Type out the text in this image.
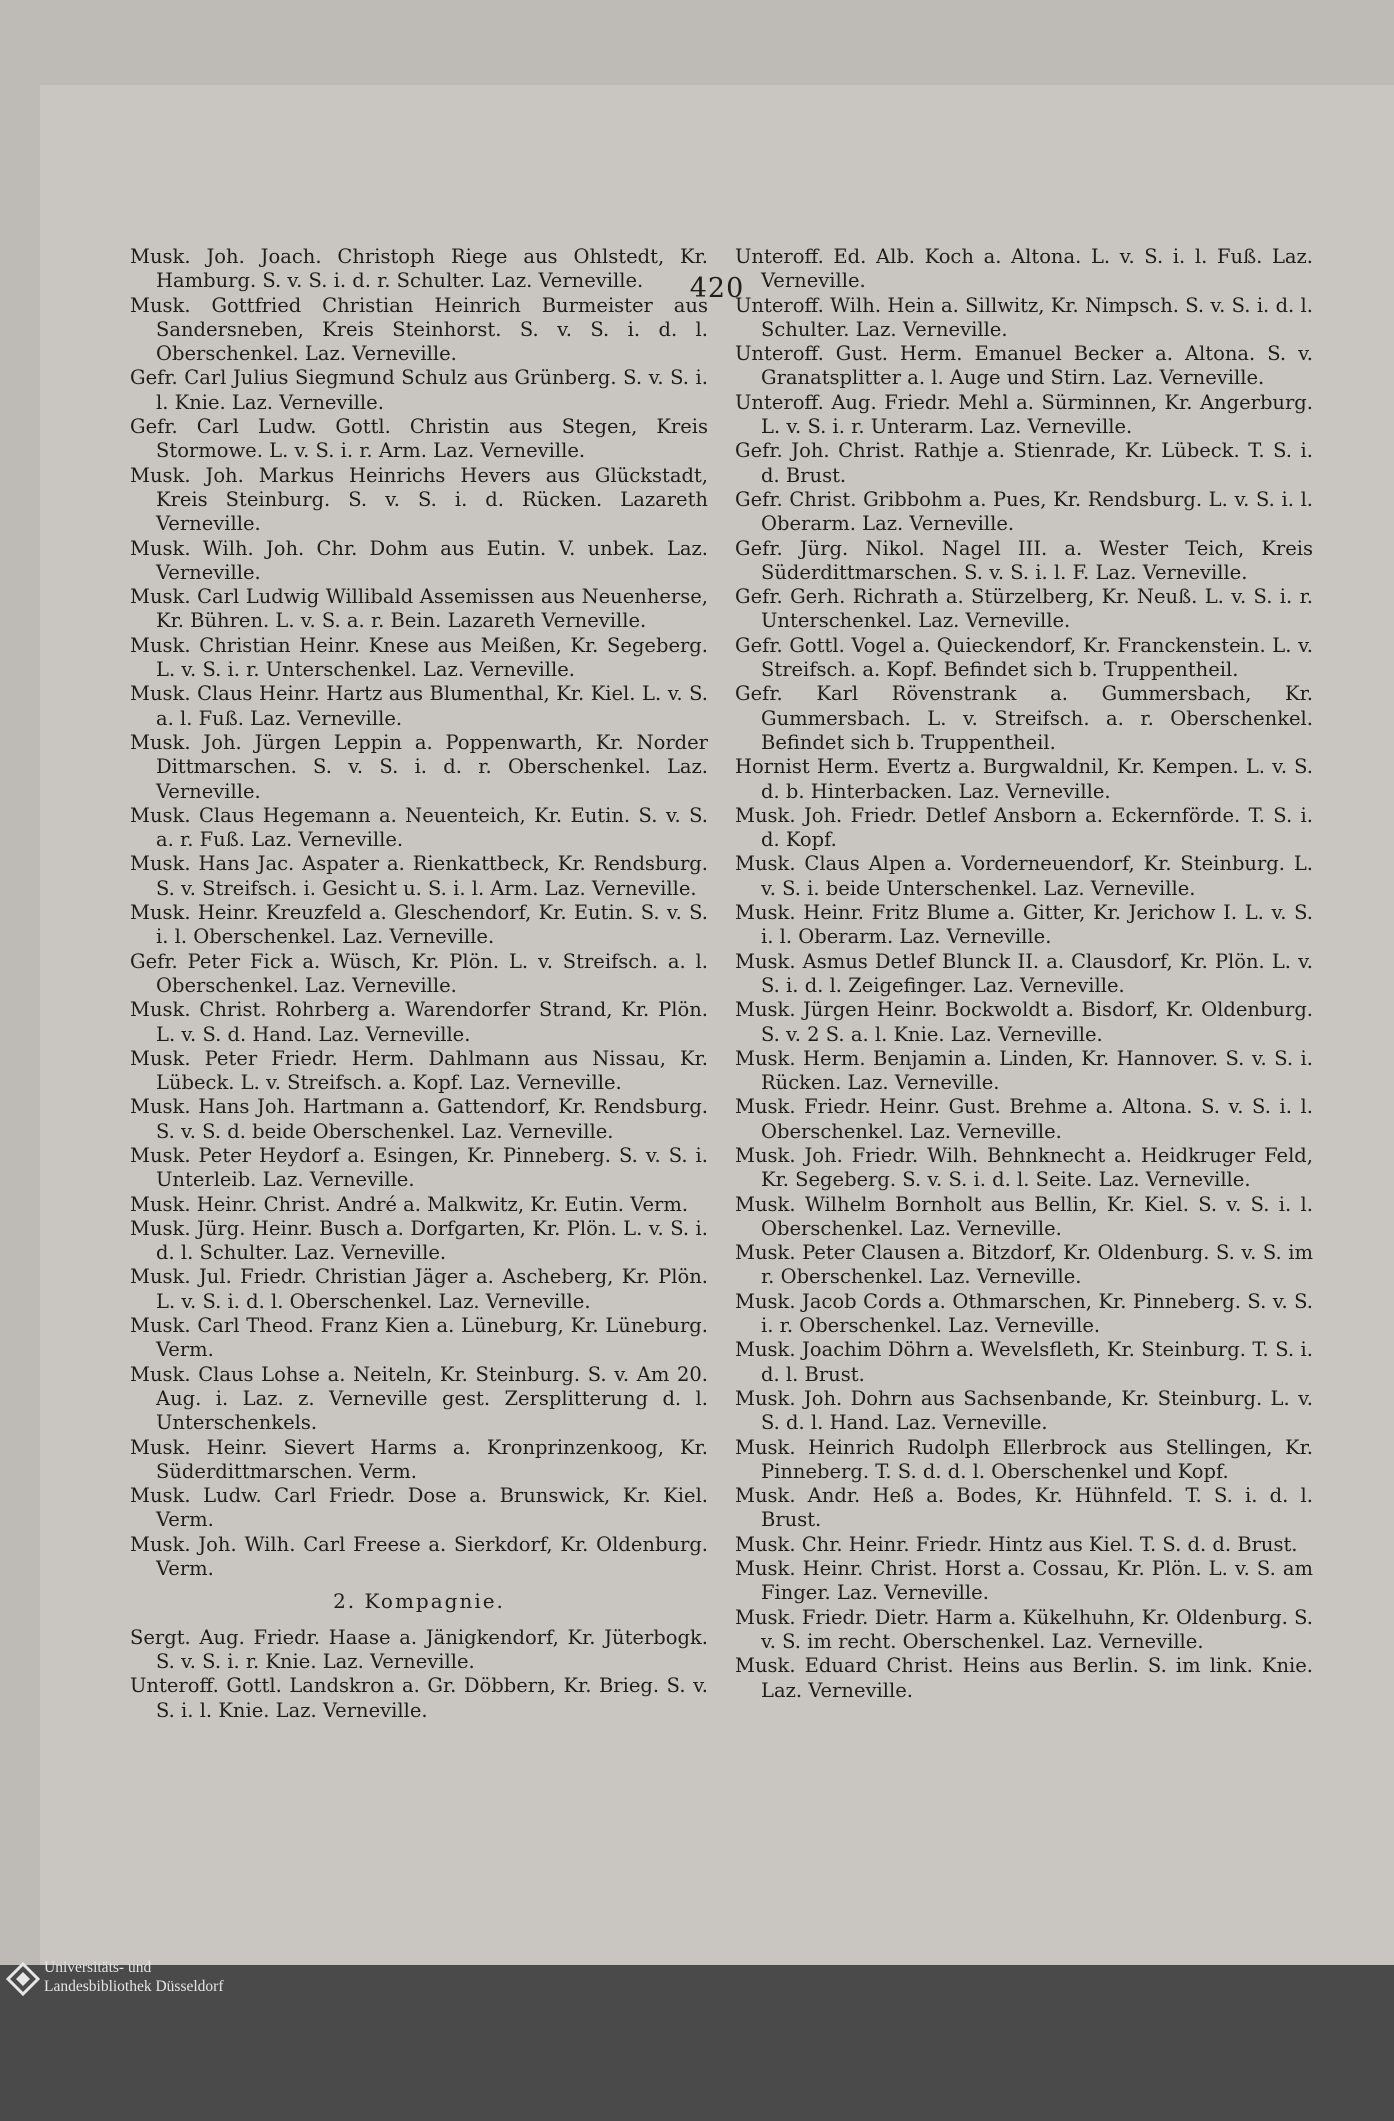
420
Musk. Joh. Joach. Christoph Riege aus Ohlstedt, Kr. Hamburg. S. v. S. i. d. r. Schulter. Laz. Verneville.
Musk. Gottfried Christian Heinrich Burmeister aus Sandersneben, Kreis Steinhorst. S. v. S. i. d. l. Oberschenkel. Laz. Verneville.
Gefr. Carl Julius Siegmund Schulz aus Grünberg. S. v. S. i. l. Knie. Laz. Verneville.
Gefr. Carl Ludw. Gottl. Christin aus Stegen, Kreis Stormowe. L. v. S. i. r. Arm. Laz. Verneville.
Musk. Joh. Markus Heinrichs Hevers aus Glückstadt, Kreis Steinburg. S. v. S. i. d. Rücken. Lazareth Verneville.
Musk. Wilh. Joh. Chr. Dohm aus Eutin. V. unbek. Laz. Verneville.
Musk. Carl Ludwig Willibald Assemissen aus Neuenherse, Kr. Bühren. L. v. S. a. r. Bein. Lazareth Verneville.
Musk. Christian Heinr. Knese aus Meißen, Kr. Segeberg. L. v. S. i. r. Unterschenkel. Laz. Verneville.
Musk. Claus Heinr. Hartz aus Blumenthal, Kr. Kiel. L. v. S. a. l. Fuß. Laz. Verneville.
Musk. Joh. Jürgen Leppin a. Poppenwarth, Kr. Norder Dittmarschen. S. v. S. i. d. r. Oberschenkel. Laz. Verneville.
Musk. Claus Hegemann a. Neuenteich, Kr. Eutin. S. v. S. a. r. Fuß. Laz. Verneville.
Musk. Hans Jac. Aspater a. Rienkattbeck, Kr. Rendsburg. S. v. Streifsch. i. Gesicht u. S. i. l. Arm. Laz. Verneville.
Musk. Heinr. Kreuzfeld a. Gleschendorf, Kr. Eutin. S. v. S. i. l. Oberschenkel. Laz. Verneville.
Gefr. Peter Fick a. Wüsch, Kr. Plön. L. v. Streifsch. a. l. Oberschenkel. Laz. Verneville.
Musk. Christ. Rohrberg a. Warendorfer Strand, Kr. Plön. L. v. S. d. Hand. Laz. Verneville.
Musk. Peter Friedr. Herm. Dahlmann aus Nissau, Kr. Lübeck. L. v. Streifsch. a. Kopf. Laz. Verneville.
Musk. Hans Joh. Hartmann a. Gattendorf, Kr. Rendsburg. S. v. S. d. beide Oberschenkel. Laz. Verneville.
Musk. Peter Heydorf a. Esingen, Kr. Pinneberg. S. v. S. i. Unterleib. Laz. Verneville.
Musk. Heinr. Christ. André a. Malkwitz, Kr. Eutin. Verm.
Musk. Jürg. Heinr. Busch a. Dorfgarten, Kr. Plön. L. v. S. i. d. l. Schulter. Laz. Verneville.
Musk. Jul. Friedr. Christian Jäger a. Ascheberg, Kr. Plön. L. v. S. i. d. l. Oberschenkel. Laz. Verneville.
Musk. Carl Theod. Franz Kien a. Lüneburg, Kr. Lüneburg. Verm.
Musk. Claus Lohse a. Neiteln, Kr. Steinburg. S. v. Am 20. Aug. i. Laz. z. Verneville gest. Zersplitterung d. l. Unterschenkels.
Musk. Heinr. Sievert Harms a. Kronprinzenkoog, Kr. Süderdittmarschen. Verm.
Musk. Ludw. Carl Friedr. Dose a. Brunswick, Kr. Kiel. Verm.
Musk. Joh. Wilh. Carl Freese a. Sierkdorf, Kr. Oldenburg. Verm.
2. Kompagnie.
Sergt. Aug. Friedr. Haase a. Jänigkendorf, Kr. Jüterbogk. S. v. S. i. r. Knie. Laz. Verneville.
Unteroff. Gottl. Landskron a. Gr. Döbbern, Kr. Brieg. S. v. S. i. l. Knie. Laz. Verneville.
Unteroff. Ed. Alb. Koch a. Altona. L. v. S. i. l. Fuß. Laz. Verneville.
Unteroff. Wilh. Hein a. Sillwitz, Kr. Nimpsch. S. v. S. i. d. l. Schulter. Laz. Verneville.
Unteroff. Gust. Herm. Emanuel Becker a. Altona. S. v. Granatsplitter a. l. Auge und Stirn. Laz. Verneville.
Unteroff. Aug. Friedr. Mehl a. Sürminnen, Kr. Angerburg. L. v. S. i. r. Unterarm. Laz. Verneville.
Gefr. Joh. Christ. Rathje a. Stienrade, Kr. Lübeck. T. S. i. d. Brust.
Gefr. Christ. Gribbohm a. Pues, Kr. Rendsburg. L. v. S. i. l. Oberarm. Laz. Verneville.
Gefr. Jürg. Nikol. Nagel III. a. Wester Teich, Kreis Süderdittmarschen. S. v. S. i. l. F. Laz. Verneville.
Gefr. Gerh. Richrath a. Stürzelberg, Kr. Neuß. L. v. S. i. r. Unterschenkel. Laz. Verneville.
Gefr. Gottl. Vogel a. Quieckendorf, Kr. Franckenstein. L. v. Streifsch. a. Kopf. Befindet sich b. Truppentheil.
Gefr. Karl Rövenstrank a. Gummersbach, Kr. Gummersbach. L. v. Streifsch. a. r. Oberschenkel. Befindet sich b. Truppentheil.
Hornist Herm. Evertz a. Burgwaldnil, Kr. Kempen. L. v. S. d. b. Hinterbacken. Laz. Verneville.
Musk. Joh. Friedr. Detlef Ansborn a. Eckernförde. T. S. i. d. Kopf.
Musk. Claus Alpen a. Vorderneuendorf, Kr. Steinburg. L. v. S. i. beide Unterschenkel. Laz. Verneville.
Musk. Heinr. Fritz Blume a. Gitter, Kr. Jerichow I. L. v. S. i. l. Oberarm. Laz. Verneville.
Musk. Asmus Detlef Blunck II. a. Clausdorf, Kr. Plön. L. v. S. i. d. l. Zeigefinger. Laz. Verneville.
Musk. Jürgen Heinr. Bockwoldt a. Bisdorf, Kr. Oldenburg. S. v. 2 S. a. l. Knie. Laz. Verneville.
Musk. Herm. Benjamin a. Linden, Kr. Hannover. S. v. S. i. Rücken. Laz. Verneville.
Musk. Friedr. Heinr. Gust. Brehme a. Altona. S. v. S. i. l. Oberschenkel. Laz. Verneville.
Musk. Joh. Friedr. Wilh. Behnknecht a. Heidkruger Feld, Kr. Segeberg. S. v. S. i. d. l. Seite. Laz. Verneville.
Musk. Wilhelm Bornholt aus Bellin, Kr. Kiel. S. v. S. i. l. Oberschenkel. Laz. Verneville.
Musk. Peter Clausen a. Bitzdorf, Kr. Oldenburg. S. v. S. im r. Oberschenkel. Laz. Verneville.
Musk. Jacob Cords a. Othmarschen, Kr. Pinneberg. S. v. S. i. r. Oberschenkel. Laz. Verneville.
Musk. Joachim Döhrn a. Wevelsfleth, Kr. Steinburg. T. S. i. d. l. Brust.
Musk. Joh. Dohrn aus Sachsenbande, Kr. Steinburg. L. v. S. d. l. Hand. Laz. Verneville.
Musk. Heinrich Rudolph Ellerbrock aus Stellingen, Kr. Pinneberg. T. S. d. d. l. Oberschenkel und Kopf.
Musk. Andr. Heß a. Bodes, Kr. Hühnfeld. T. S. i. d. l. Brust.
Musk. Chr. Heinr. Friedr. Hintz aus Kiel. T. S. d. d. Brust.
Musk. Heinr. Christ. Horst a. Cossau, Kr. Plön. L. v. S. am Finger. Laz. Verneville.
Musk. Friedr. Dietr. Harm a. Kükelhuhn, Kr. Oldenburg. S. v. S. im recht. Oberschenkel. Laz. Verneville.
Musk. Eduard Christ. Heins aus Berlin. S. im link. Knie. Laz. Verneville.
Universitäts- und
Landesbibliothek Düsseldorf
